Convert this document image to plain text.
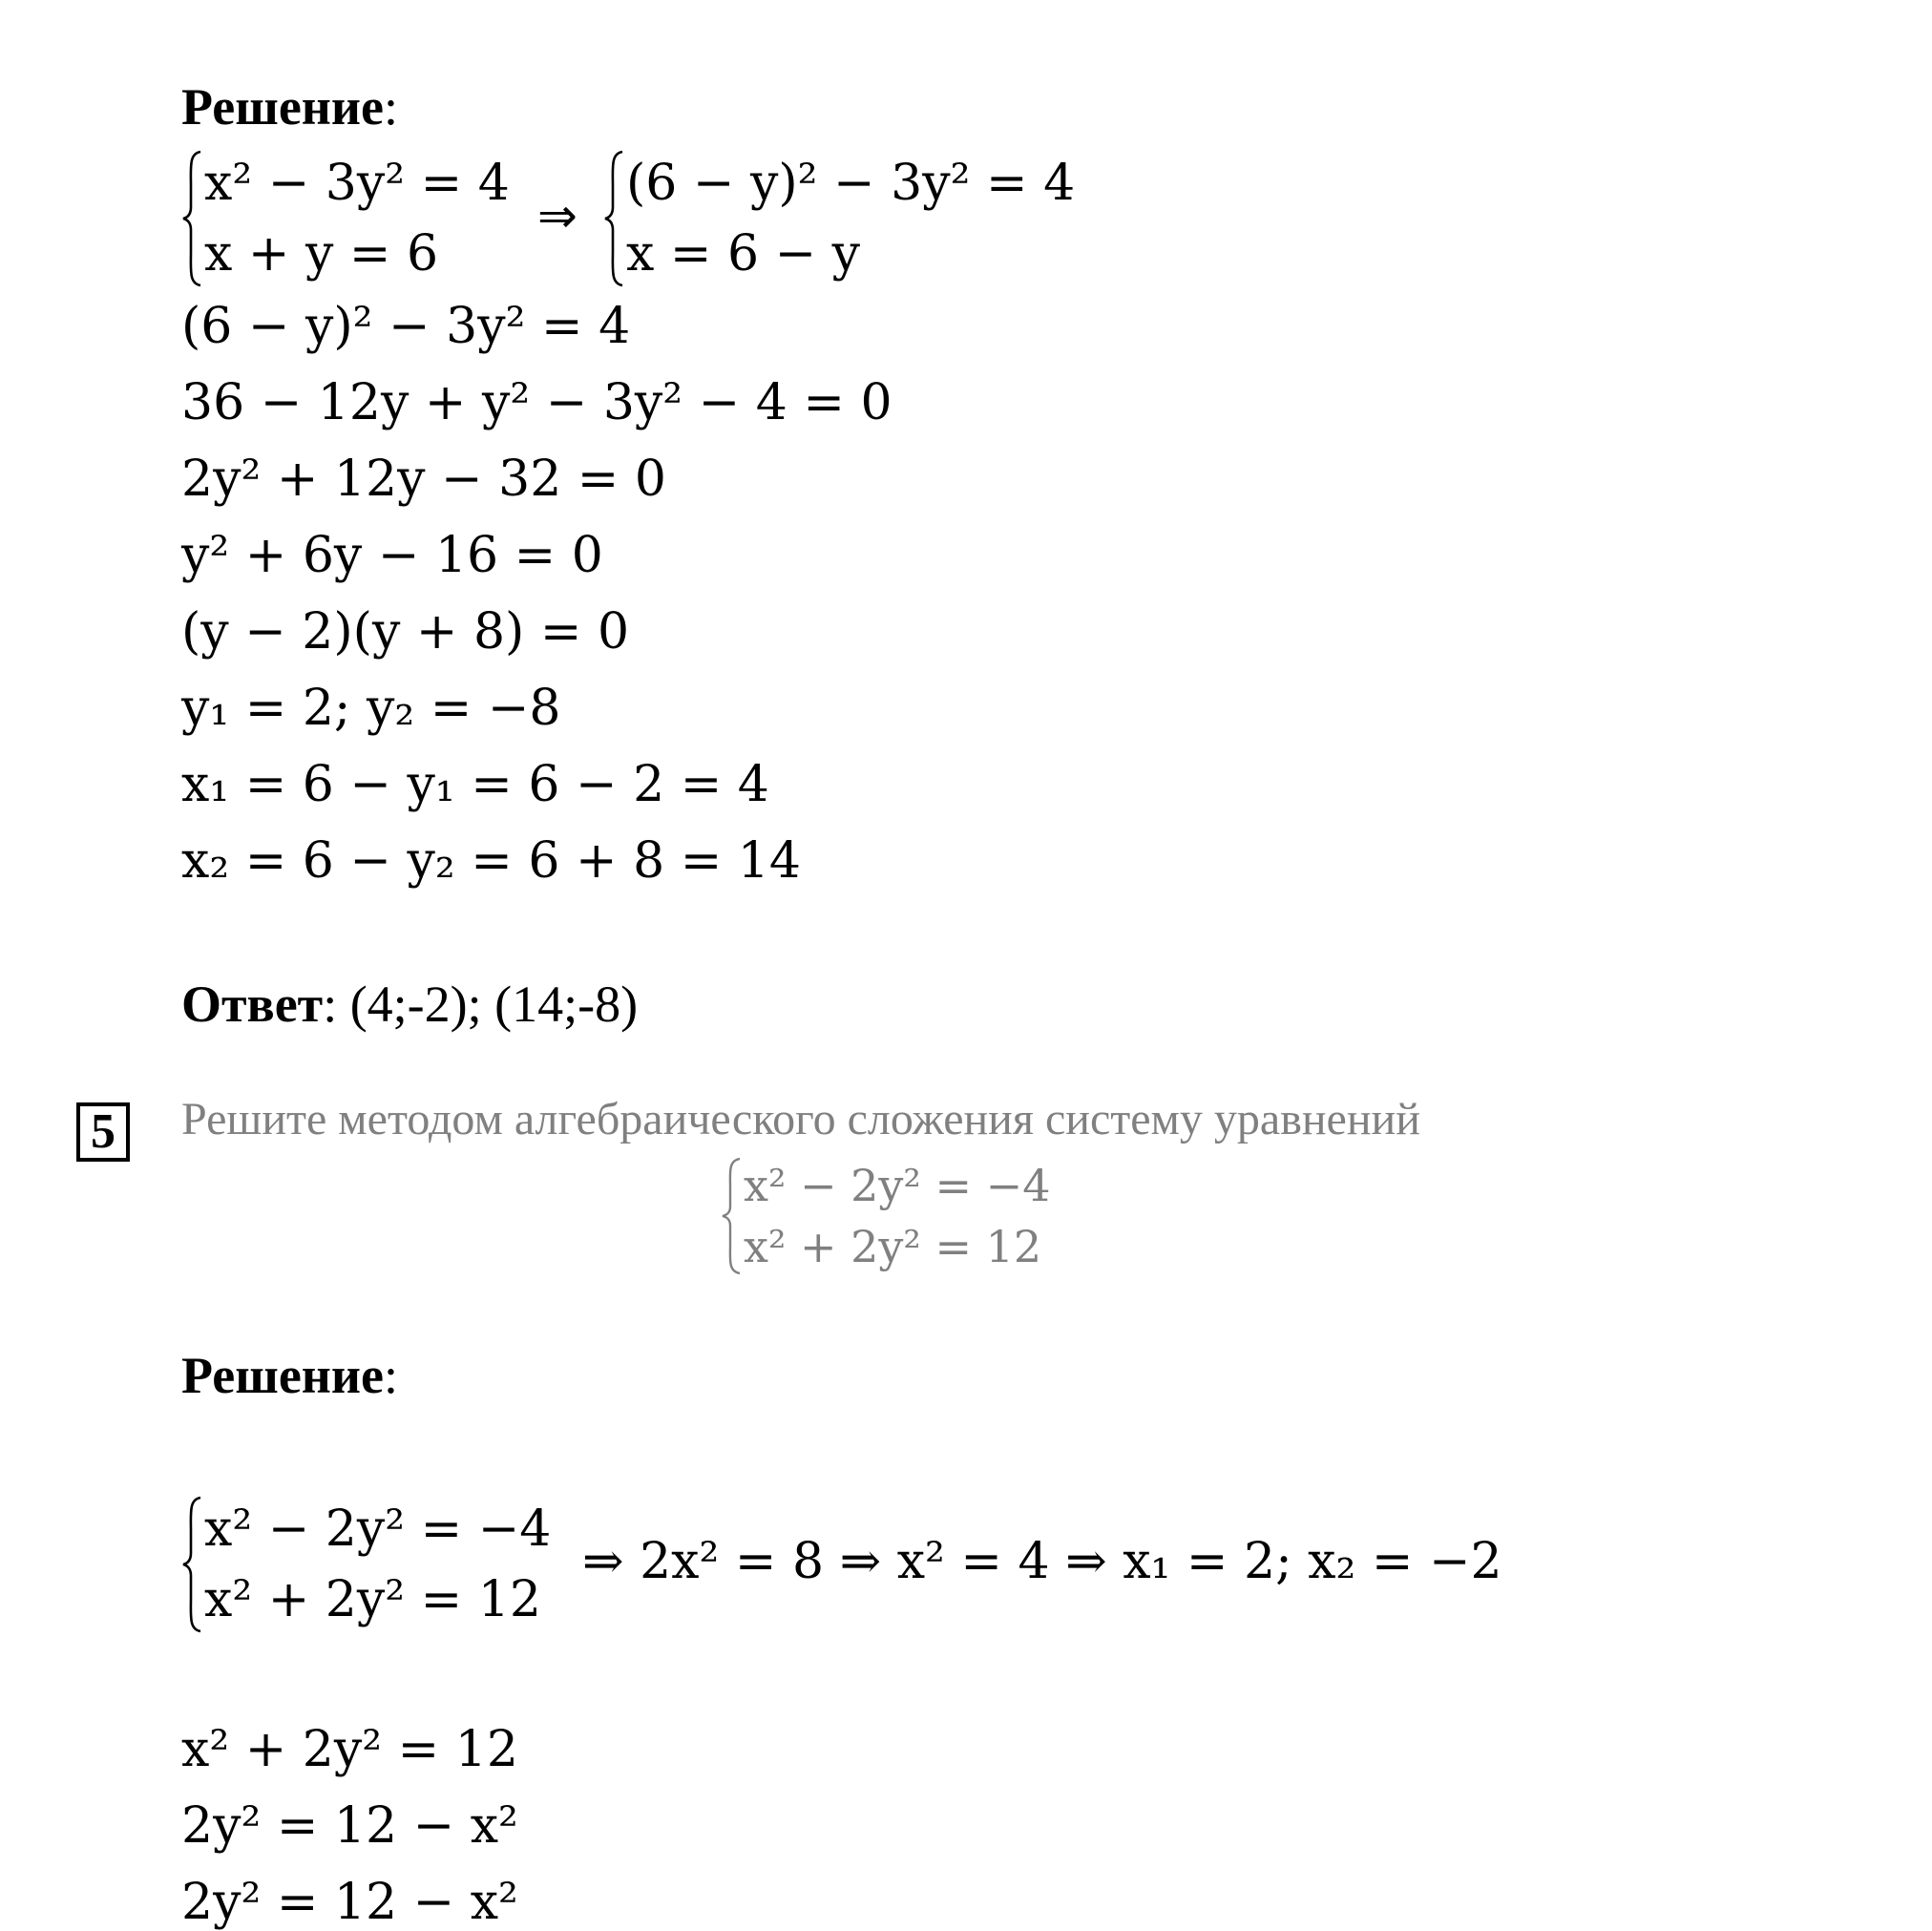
Решение:
x² − 3y² = 4
x + y = 6
⇒
(6 − y)² − 3y² = 4
x = 6 − y
(6 − y)² − 3y² = 4
36 − 12y + y² − 3y² − 4 = 0
2y² + 12y − 32 = 0
y² + 6y − 16 = 0
(y − 2)(y + 8) = 0
y₁ = 2; y₂ = −8
x₁ = 6 − y₁ = 6 − 2 = 4
x₂ = 6 − y₂ = 6 + 8 = 14
Ответ: (4;-2); (14;-8)
5	Решите методом алгебраического сложения систему уравнений
x² − 2y² = −4
x² + 2y² = 12
Решение:
x² − 2y² = −4
x² + 2y² = 12
⇒ 2x² = 8 ⇒ x² = 4 ⇒ x₁ = 2; x₂ = −2
x² + 2y² = 12
2y² = 12 − x²
2y² = 12 − x²
